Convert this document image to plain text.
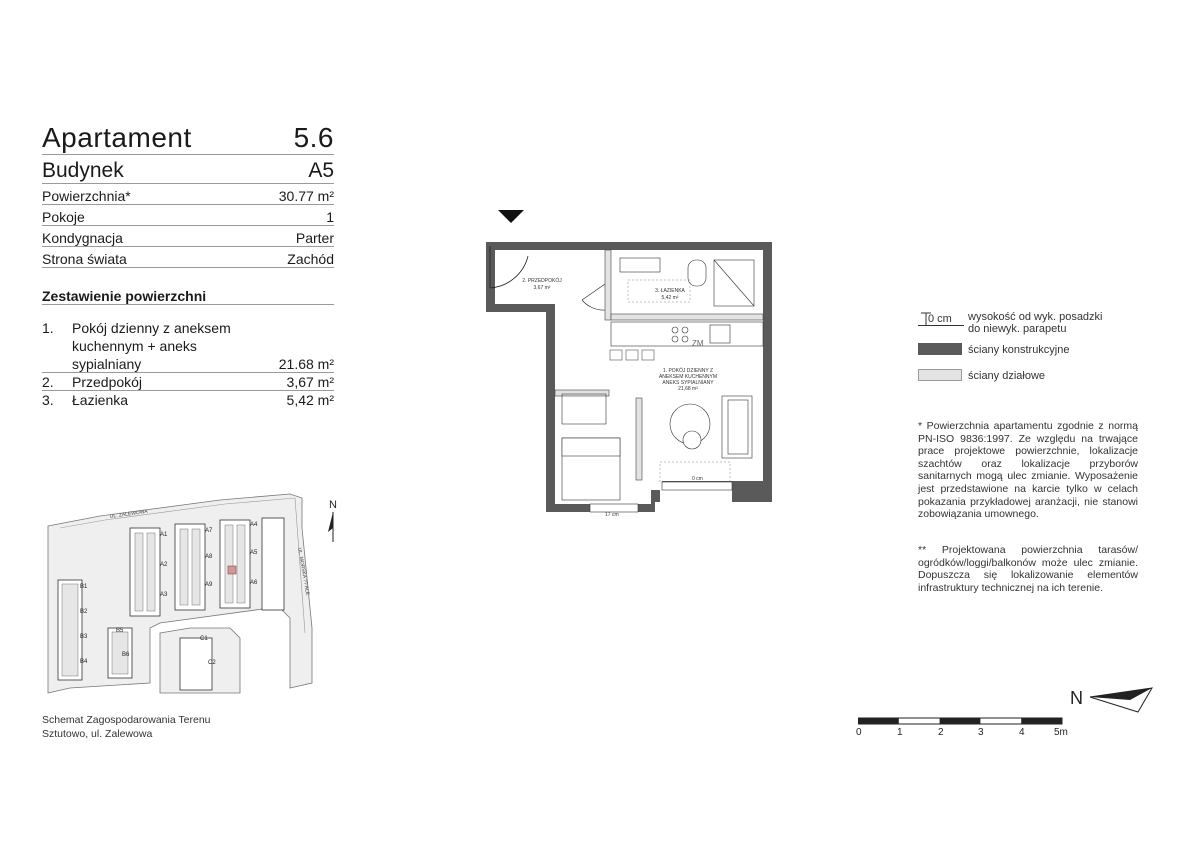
Apartament	5.6
Budynek	A5
Powierzchnia*	30.77 m²
Pokoje	1
Kondygnacja	Parter
Strona świata	Zachód
Zestawienie powierzchni
1.	Pokój dzienny z aneksem
kuchennym + aneks
sypialniany	21.68 m²
2.	Przedpokój	3,67 m²
3.	Łazienka	5,42 m²
UL. ZALEWOWA
UL. MORSKA ?? ALE
A1
A2
A3
A4
A5
A6
A7
A8
A9
B1
B2
B3
B4
B5
B6
C1
C2
N
Schemat Zagospodarowania Terenu
Sztutowo, ul. Zalewowa
2. PRZEDPOKÓJ
3,67 m²	3. ŁAZIENKA
5,42 m²
1. POKÓJ DZIENNY Z
ANEKSEM KUCHENNYM
ANEKS SYPIALNIANY
21,68 m²
ZM
0 cm
17 cm
0 cm wysokość od wyk. posadzki
do niewyk. parapetu
ściany konstrukcyjne
ściany działowe
* Powierzchnia apartamentu zgodnie z normą PN-ISO 9836:1997. Ze względu na trwające prace projektowe powierzchnie, lokalizacje szachtów oraz lokalizacje przyborów sanitarnych mogą ulec zmianie. Wyposażenie jest przedstawione na karcie tylko w celach pokazania przykładowej aranżacji, nie stanowi zobowiązania umownego.
** Projektowana powierzchnia tarasów/ ogródków/loggi/balkonów może ulec zmianie. Dopuszcza się lokalizowanie elementów infrastruktury technicznej na ich terenie.
N
0	1	2	3	4	5m
